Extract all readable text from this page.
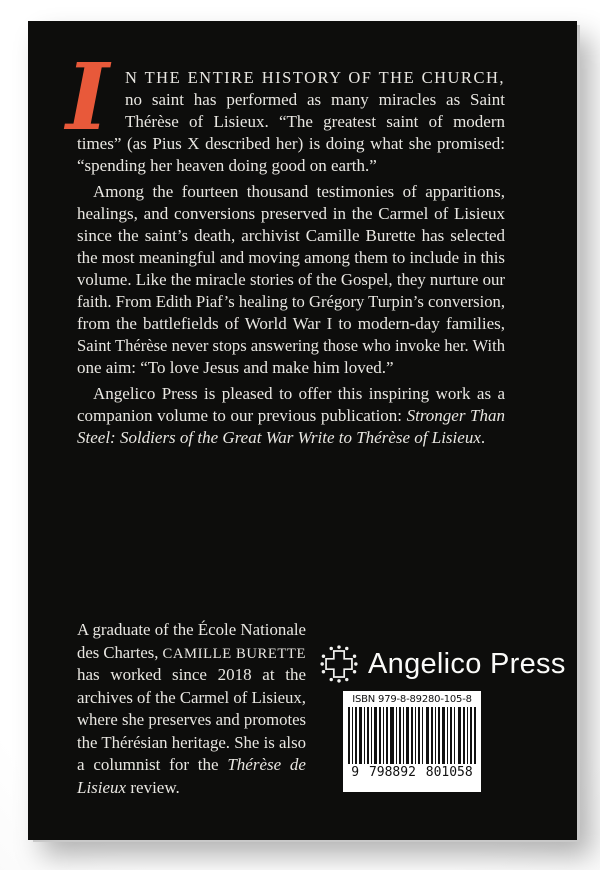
I N THE ENTIRE HISTORY OF THE CHURCH,
no saint has performed as many miracles as Saint
Thérèse of Lisieux. “The greatest saint of modern
times” (as Pius X described her) is doing what she promised:
“spending her heaven doing good on earth.”
Among the fourteen thousand testimonies of apparitions,
healings, and conversions preserved in the Carmel of Lisieux
since the saint’s death, archivist Camille Burette has selected
the most meaningful and moving among them to include in this
volume. Like the miracle stories of the Gospel, they nurture our
faith. From Edith Piaf’s healing to Grégory Turpin’s conversion,
from the battlefields of World War I to modern-day families,
Saint Thérèse never stops answering those who invoke her. With
one aim: “To love Jesus and make him loved.”
Angelico Press is pleased to offer this inspiring work as a
companion volume to our previous publication: Stronger Than
Steel: Soldiers of the Great War Write to Thérèse of Lisieux.
A graduate of the École Nationale
des Chartes, CAMILLE BURETTE
has worked since 2018 at the
archives of the Carmel of Lisieux,
where she preserves and promotes
the Thérésian heritage. She is also
a columnist for the Thérèse de
Lisieux review.
Angelico Press
ISBN 979-8-89280-105-8
9 798892 801058
